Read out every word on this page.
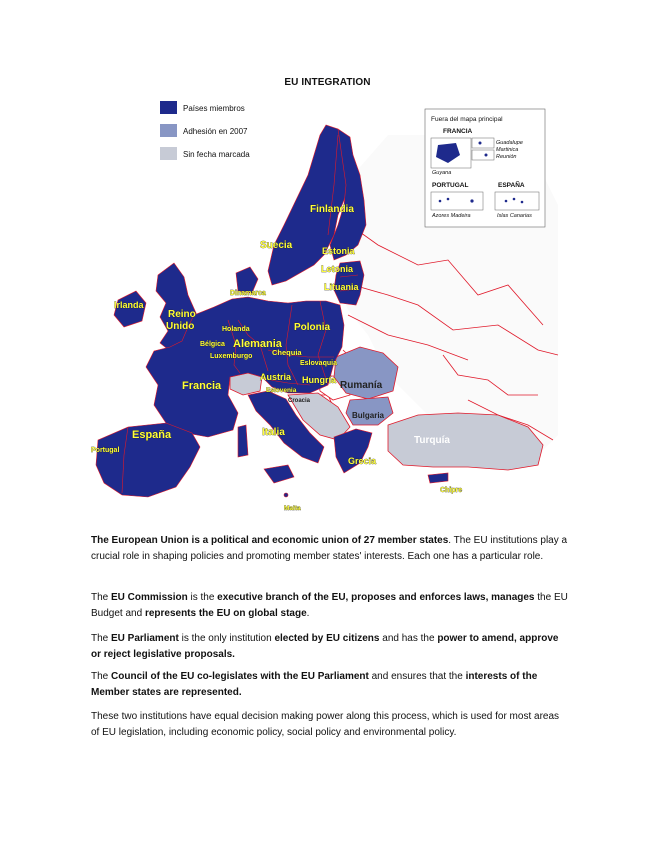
EU INTEGRATION
Países miembros
Adhesión en 2007
Sin fecha marcada
Fuera del mapa principal
FRANCIA
Guadalupe
Martinica
Reunión
Guyana
PORTUGAL	ESPAÑA
Azores Madeira	Islas Canarias
Finlandia
Suecia	Estonia
Letonia
Lituania
Irlanda
Reino
Unido
Dinamarca
Holanda
Bélgica
Luxemburgo
Alemania
Polonia
Chequia
Eslovaquia
Austria Hungría
Eslovenia
Francia
España
Portugal
Italia
Grecia
Malta
Chipre
Rumanía
Bulgaria
Turquía
Croacia
The European Union is a political and economic union of 27 member states. The EU institutions play a crucial role in shaping policies and promoting member states' interests. Each one has a particular role.
The EU Commission is the executive branch of the EU, proposes and enforces laws, manages the EU Budget and represents the EU on global stage.
The EU Parliament is the only institution elected by EU citizens and has the power to amend, approve or reject legislative proposals.
The Council of the EU co-legislates with the EU Parliament and ensures that the interests of the Member states are represented.
These two institutions have equal decision making power along this process, which is used for most areas of EU legislation, including economic policy, social policy and environmental policy.
